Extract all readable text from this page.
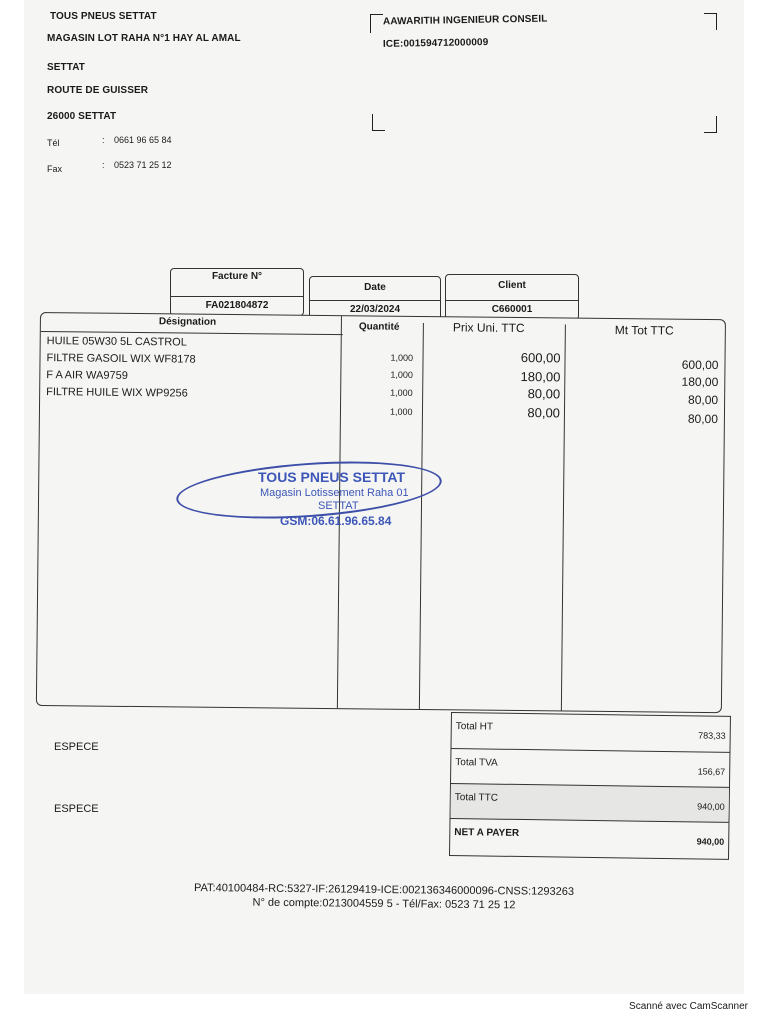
TOUS PNEUS SETTAT
MAGASIN LOT RAHA N°1 HAY AL AMAL
SETTAT
ROUTE DE GUISSER
26000 SETTAT
Tél	: 0661 96 65 84
Fax	: 0523 71 25 12
AAWARITIH INGENIEUR CONSEIL
ICE:001594712000009
Facture N°
FA021804872
Date
22/03/2024
Client
C660001
Désignation	Quantité	Prix Uni. TTC	Mt Tot TTC
HUILE 05W30 5L CASTROL
1,000	600,00	600,00
FILTRE GASOIL WIX WF8178
1,000	180,00	180,00
F A AIR WA9759
1,000	80,00	80,00
FILTRE HUILE WIX WP9256
1,000	80,00	80,00
TOUS PNEUS SETTAT
Magasin Lotissement Raha 01
SETTAT
GSM:06.61.96.65.84
ESPECE
ESPECE
Total HT
783,33
Total TVA
156,67
Total TTC
940,00
NET A PAYER
940,00
PAT:40100484-RC:5327-IF:26129419-ICE:002136346000096-CNSS:1293263
N° de compte:0213004559 5 - Tél/Fax: 0523 71 25 12
Scanné avec CamScanner
